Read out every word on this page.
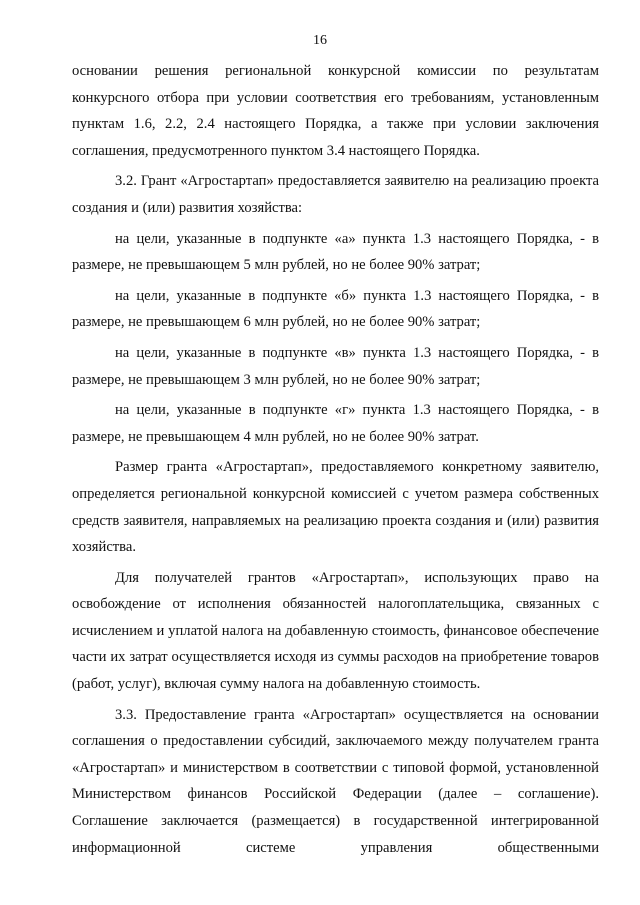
16

основании решения региональной конкурсной комиссии по результатам конкурсного отбора при условии соответствия его требованиям, установленным пунктам 1.6, 2.2, 2.4 настоящего Порядка, а также при условии заключения соглашения, предусмотренного пунктом 3.4 настоящего Порядка.

3.2. Грант «Агростартап» предоставляется заявителю на реализацию проекта создания и (или) развития хозяйства:

на цели, указанные в подпункте «а» пункта 1.3 настоящего Порядка, - в размере, не превышающем 5 млн рублей, но не более 90% затрат;

на цели, указанные в подпункте «б» пункта 1.3 настоящего Порядка, - в размере, не превышающем 6 млн рублей, но не более 90% затрат;

на цели, указанные в подпункте «в» пункта 1.3 настоящего Порядка, - в размере, не превышающем 3 млн рублей, но не более 90% затрат;

на цели, указанные в подпункте «г» пункта 1.3 настоящего Порядка, - в размере, не превышающем 4 млн рублей, но не более 90% затрат.

Размер гранта «Агростартап», предоставляемого конкретному заявителю, определяется региональной конкурсной комиссией с учетом размера собственных средств заявителя, направляемых на реализацию проекта создания и (или) развития хозяйства.

Для получателей грантов «Агростартап», использующих право на освобождение от исполнения обязанностей налогоплательщика, связанных с исчислением и уплатой налога на добавленную стоимость, финансовое обеспечение части их затрат осуществляется исходя из суммы расходов на приобретение товаров (работ, услуг), включая сумму налога на добавленную стоимость.

3.3. Предоставление гранта «Агростартап» осуществляется на основании соглашения о предоставлении субсидий, заключаемого между получателем гранта «Агростартап» и министерством в соответствии с типовой формой, установленной Министерством финансов Российской Федерации (далее – соглашение). Соглашение заключается (размещается) в государственной интегрированной информационной системе управления общественными
